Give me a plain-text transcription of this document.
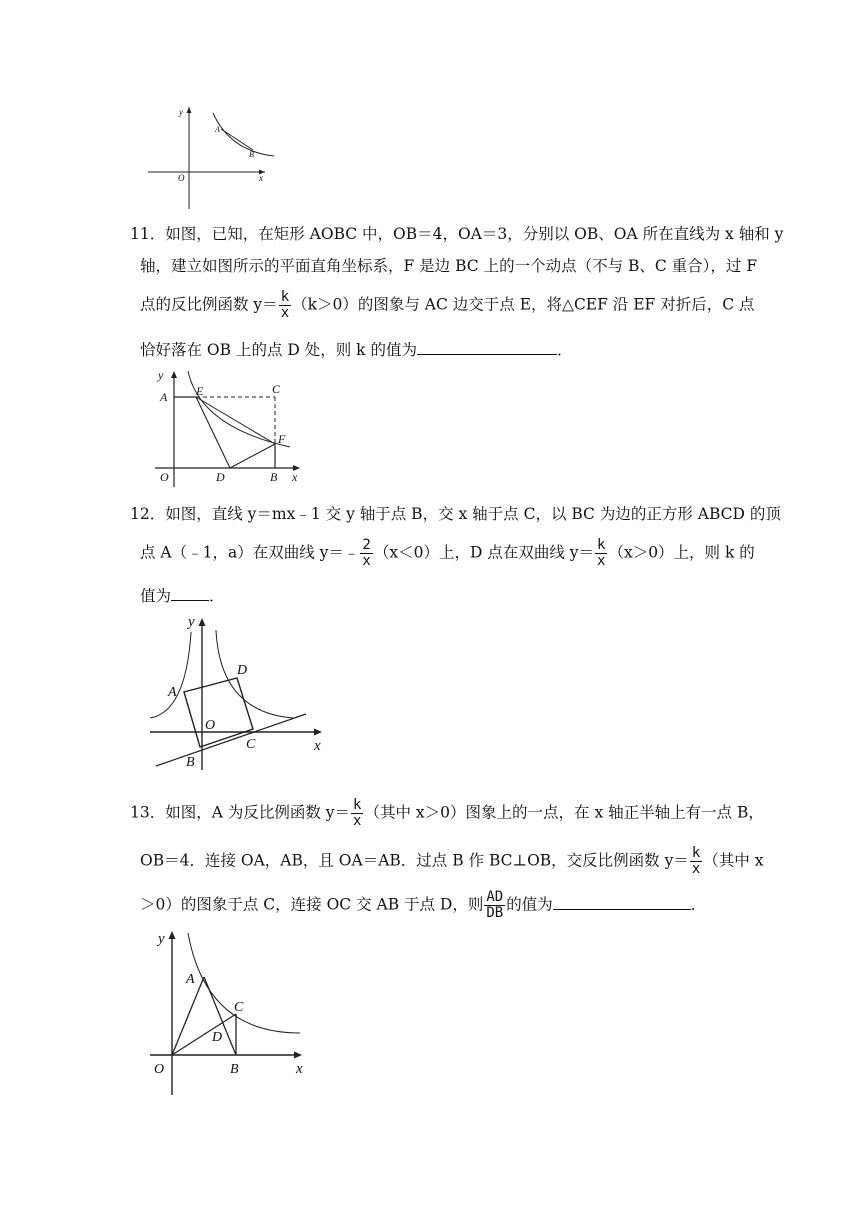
y
x
O
A
B
11．如图，已知，在矩形 AOBC 中，OB＝4，OA＝3，分别以 OB、OA 所在直线为 x 轴和 y
轴，建立如图所示的平面直角坐标系，F 是边 BC 上的一个动点（不与 B、C 重合），过 F
点的反比例函数 $y= \frac{k}{x} (k>0)$的图象与 AC 边交于点 E，将△CEF 沿 EF 对折后，C 点
恰好落在 OB 上的点 D 处，则 k 的值为	．
y
x
A E	C
F
O	D	B
12．如图，直线 y＝mx﹣1 交 y 轴于点 B，交 x 轴于点 C，以 BC 为边的正方形 ABCD 的顶
点 A（﹣1，a）在双曲线 y＝﹣ $\frac{2}{x} (x<0)$上，D 点在双曲线 $y= \frac{k}{x} (x>0)$上，则 k 的
值为 ．
y
x
A
D
O
C
B
13．如图，A 为反比例函数 $y= \frac{k}{x}$ （其中 x＞0）图象上的一点，在 x 轴正半轴上有一点 B，
OB＝4．连接 OA，AB，且 OA＝AB．过点 B 作 BC⊥OB，交反比例函数 $y= \frac{k}{x}$ （其中 x
＞0）的图象于点 C，连接 OC 交 AB 于点 D，则 $\frac{AD}{DB}$ 的值为	．
y
x
A
C
D
O	B
